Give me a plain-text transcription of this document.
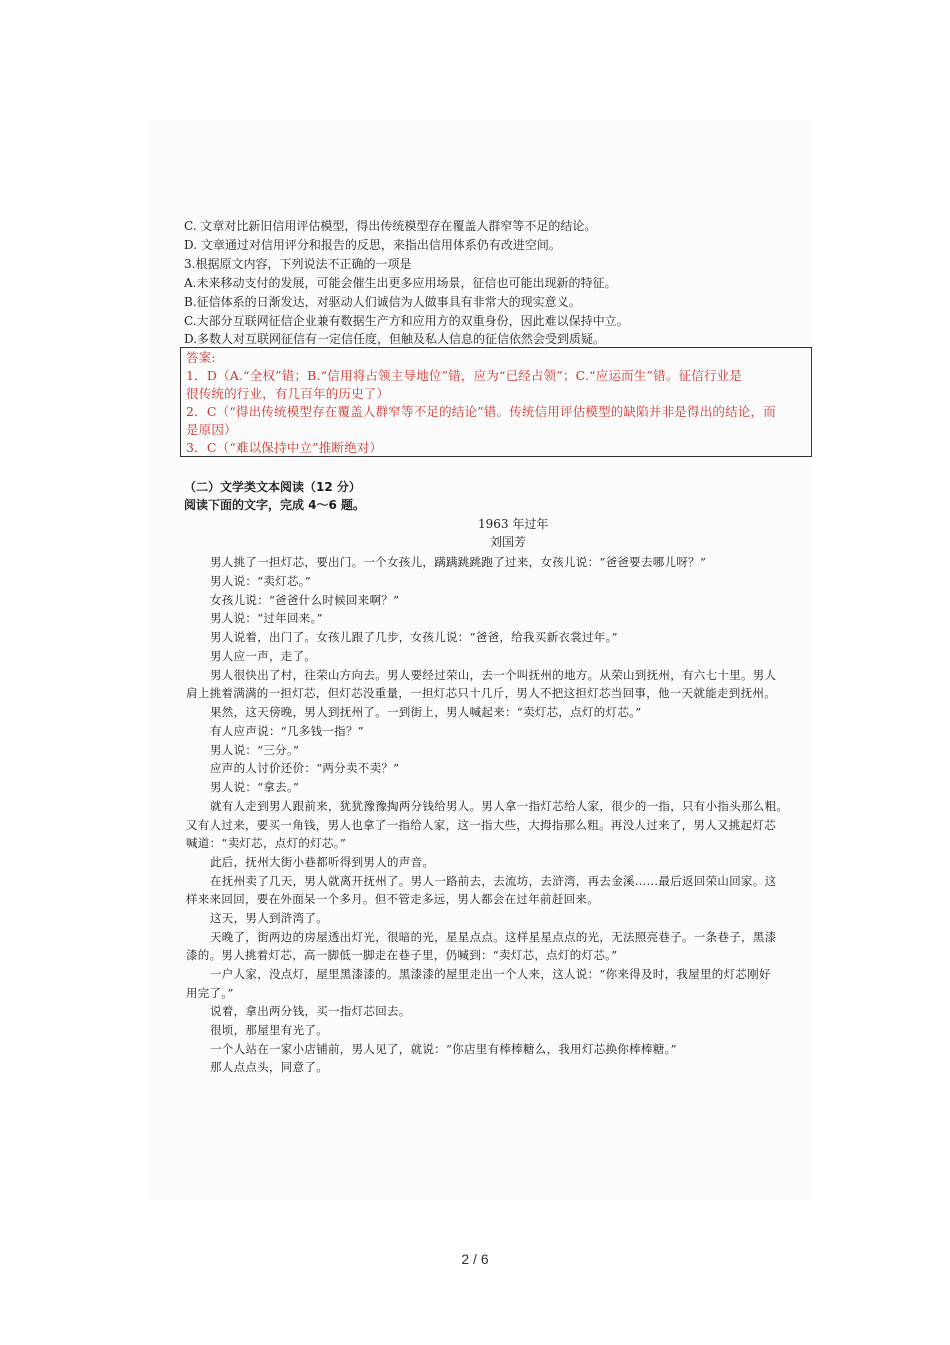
C. 文章对比新旧信用评估模型，得出传统模型存在覆盖人群窄等不足的结论。
D. 文章通过对信用评分和报告的反思，来指出信用体系仍有改进空间。
3.根据原文内容，下列说法不正确的一项是
A.未来移动支付的发展，可能会催生出更多应用场景，征信也可能出现新的特征。
B.征信体系的日渐发达，对驱动人们诚信为人做事具有非常大的现实意义。
C.大部分互联网征信企业兼有数据生产方和应用方的双重身份，因此难以保持中立。
D.多数人对互联网征信有一定信任度，但触及私人信息的征信依然会受到质疑。
答案:
1．D（A.“全权”错；B.“信用将占领主导地位”错，应为“已经占领”；C.“应运而生”错。征信行业是
很传统的行业，有几百年的历史了）
2．C（“得出传统模型存在覆盖人群窄等不足的结论”错。传统信用评估模型的缺陷并非是得出的结论，而
是原因）
3．C（“难以保持中立”推断绝对）
（二）文学类文本阅读（12 分）
阅读下面的文字，完成 4～6 题。
1963 年过年
刘国芳
男人挑了一担灯芯，要出门。一个女孩儿，蹒蹒跳跳跑了过来，女孩儿说：“爸爸要去哪儿呀？”
男人说：“卖灯芯。”
女孩儿说：“爸爸什么时候回来啊？”
男人说：“过年回来。”
男人说着，出门了。女孩儿跟了几步，女孩儿说：“爸爸，给我买新衣裳过年。”
男人应一声，走了。
男人很快出了村，往荣山方向去。男人要经过荣山，去一个叫抚州的地方。从荣山到抚州，有六七十里。男人
肩上挑着满满的一担灯芯，但灯芯没重量，一担灯芯只十几斤，男人不把这担灯芯当回事，他一天就能走到抚州。
果然，这天傍晚，男人到抚州了。一到街上，男人喊起来：“卖灯芯，点灯的灯芯。”
有人应声说：“几多钱一指？”
男人说：“三分。”
应声的人讨价还价：“两分卖不卖？”
男人说：“拿去。”
就有人走到男人跟前来，犹犹豫豫掏两分钱给男人。男人拿一指灯芯给人家，很少的一指，只有小指头那么粗。
又有人过来，要买一角钱，男人也拿了一指给人家，这一指大些，大拇指那么粗。再没人过来了，男人又挑起灯芯
喊道：“卖灯芯，点灯的灯芯。”
此后，抚州大街小巷都听得到男人的声音。
在抚州卖了几天，男人就离开抚州了。男人一路前去，去流坊，去浒湾，再去金溪……最后返回荣山回家。这
样来来回回，要在外面呆一个多月。但不管走多远，男人都会在过年前赶回来。
这天，男人到浒湾了。
天晚了，街两边的房屋透出灯光，很暗的光，星星点点。这样星星点点的光，无法照亮巷子。一条巷子，黑漆
漆的。男人挑着灯芯，高一脚低一脚走在巷子里，仍喊到：“卖灯芯，点灯的灯芯。”
一户人家，没点灯，屋里黑漆漆的。黑漆漆的屋里走出一个人来，这人说：“你来得及时，我屋里的灯芯刚好
用完了。”
说着，拿出两分钱，买一指灯芯回去。
很顷，那屋里有光了。
一个人站在一家小店铺前，男人见了，就说：“你店里有棒棒糖么，我用灯芯换你棒棒糖。”
那人点点头，同意了。
2 / 6
